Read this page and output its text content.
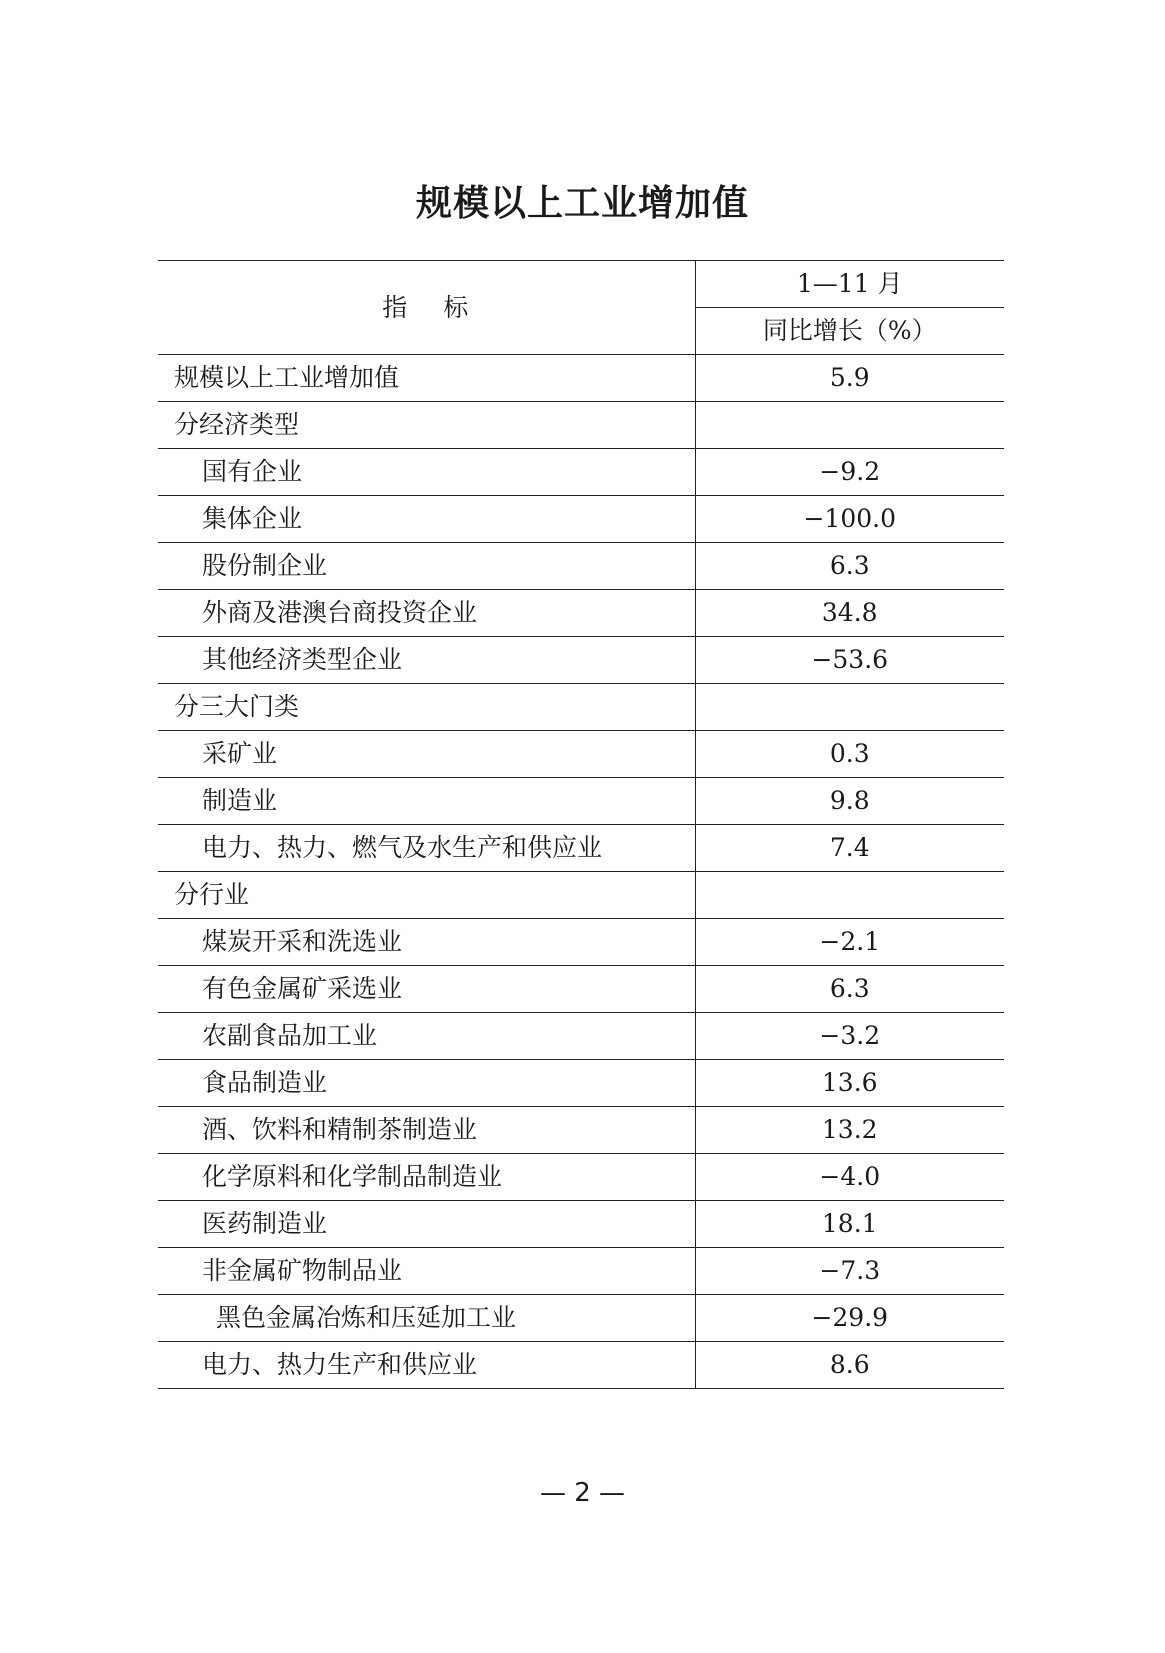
规模以上工业增加值
指 标	1—11 月
	同比增长（%）
规模以上工业增加值	5.9
分经济类型	
国有企业	−9.2
集体企业	−100.0
股份制企业	6.3
外商及港澳台商投资企业	34.8
其他经济类型企业	−53.6
分三大门类	
采矿业	0.3
制造业	9.8
电力、热力、燃气及水生产和供应业	7.4
分行业	
煤炭开采和洗选业	−2.1
有色金属矿采选业	6.3
农副食品加工业	−3.2
食品制造业	13.6
酒、饮料和精制茶制造业	13.2
化学原料和化学制品制造业	−4.0
医药制造业	18.1
非金属矿物制品业	−7.3
黑色金属冶炼和压延加工业	−29.9
电力、热力生产和供应业	8.6
— 2 —
